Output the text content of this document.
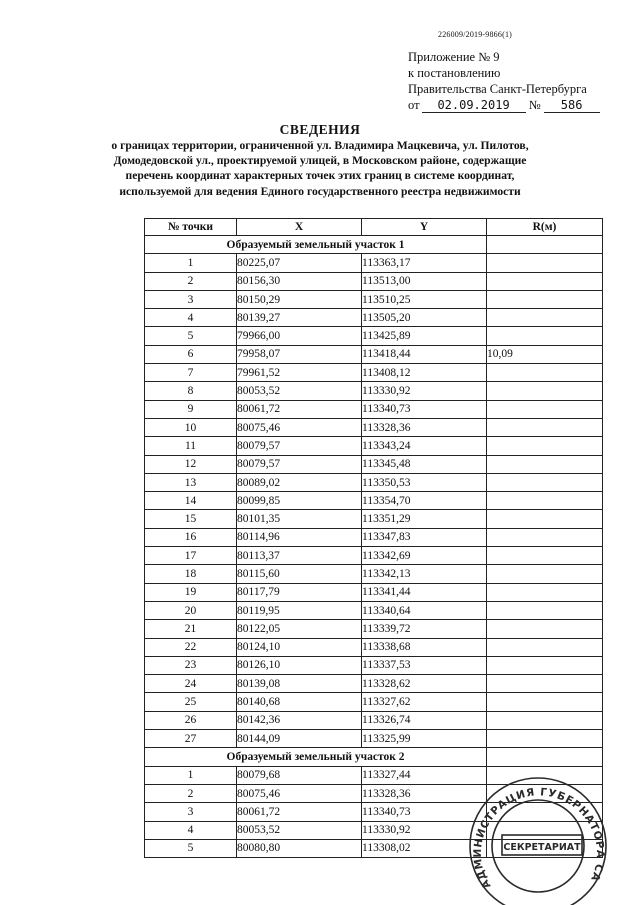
226009/2019-9866(1)
Приложение № 9
к постановлению
Правительства Санкт-Петербурга
от 02.09.2019 № 586
СВЕДЕНИЯ
о границах территории, ограниченной ул. Владимира Мацкевича, ул. Пилотов, Домодедовской ул., проектируемой улицей, в Московском районе, содержащие перечень координат характерных точек этих границ в системе координат, используемой для ведения Единого государственного реестра недвижимости
№ точки	X	Y	R(м)
Образуемый земельный участок 1			
1	80225,07	113363,17	
2	80156,30	113513,00	
3	80150,29	113510,25	
4	80139,27	113505,20	
5	79966,00	113425,89	
6	79958,07	113418,44	10,09
7	79961,52	113408,12	
8	80053,52	113330,92	
9	80061,72	113340,73	
10	80075,46	113328,36	
11	80079,57	113343,24	
12	80079,57	113345,48	
13	80089,02	113350,53	
14	80099,85	113354,70	
15	80101,35	113351,29	
16	80114,96	113347,83	
17	80113,37	113342,69	
18	80115,60	113342,13	
19	80117,79	113341,44	
20	80119,95	113340,64	
21	80122,05	113339,72	
22	80124,10	113338,68	
23	80126,10	113337,53	
24	80139,08	113328,62	
25	80140,68	113327,62	
26	80142,36	113326,74	
27	80144,09	113325,99	
Образуемый земельный участок 2			
1	80079,68	113327,44	
2	80075,46	113328,36	
3	80061,72	113340,73	
4	80053,52	113330,92	
5	80080,80	113308,02	
АДМИНИСТРАЦИЯ ГУБЕРНАТОРА САНКТ-ПЕТЕРБУРГА
СЕКРЕТАРИАТ
